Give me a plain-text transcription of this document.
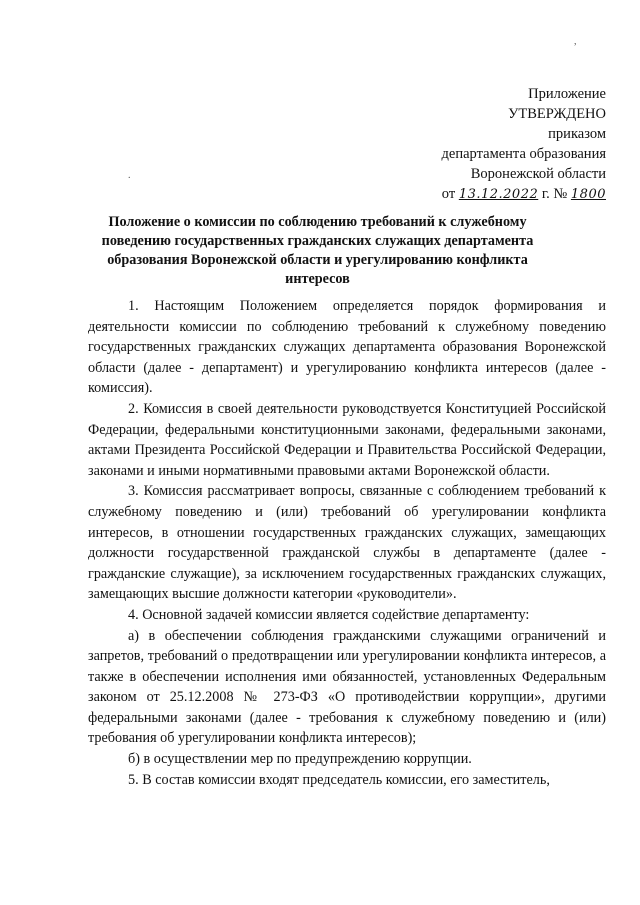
,
.
Приложение
УТВЕРЖДЕНО
приказом
департамента образования
Воронежской области
от 13.12.2022 г. № 1800
Положение о комиссии по соблюдению требований к служебному поведению государственных гражданских служащих департамента образования Воронежской области и урегулированию конфликта интересов

1. Настоящим Положением определяется порядок формирования и деятельности комиссии по соблюдению требований к служебному поведению государственных гражданских служащих департамента образования Воронежской области (далее - департамент) и урегулированию конфликта интересов (далее - комиссия).

2. Комиссия в своей деятельности руководствуется Конституцией Российской Федерации, федеральными конституционными законами, федеральными законами, актами Президента Российской Федерации и Правительства Российской Федерации, законами и иными нормативными правовыми актами Воронежской области.

3. Комиссия рассматривает вопросы, связанные с соблюдением требований к служебному поведению и (или) требований об урегулировании конфликта интересов, в отношении государственных гражданских служащих, замещающих должности государственной гражданской службы в департаменте (далее - гражданские служащие), за исключением государственных гражданских служащих, замещающих высшие должности категории «руководители».

4. Основной задачей комиссии является содействие департаменту:

а) в обеспечении соблюдения гражданскими служащими ограничений и запретов, требований о предотвращении или урегулировании конфликта интересов, а также в обеспечении исполнения ими обязанностей, установленных Федеральным законом от 25.12.2008 № 273-ФЗ «О противодействии коррупции», другими федеральными законами (далее - требования к служебному поведению и (или) требования об урегулировании конфликта интересов);

б) в осуществлении мер по предупреждению коррупции.

5. В состав комиссии входят председатель комиссии, его заместитель,
